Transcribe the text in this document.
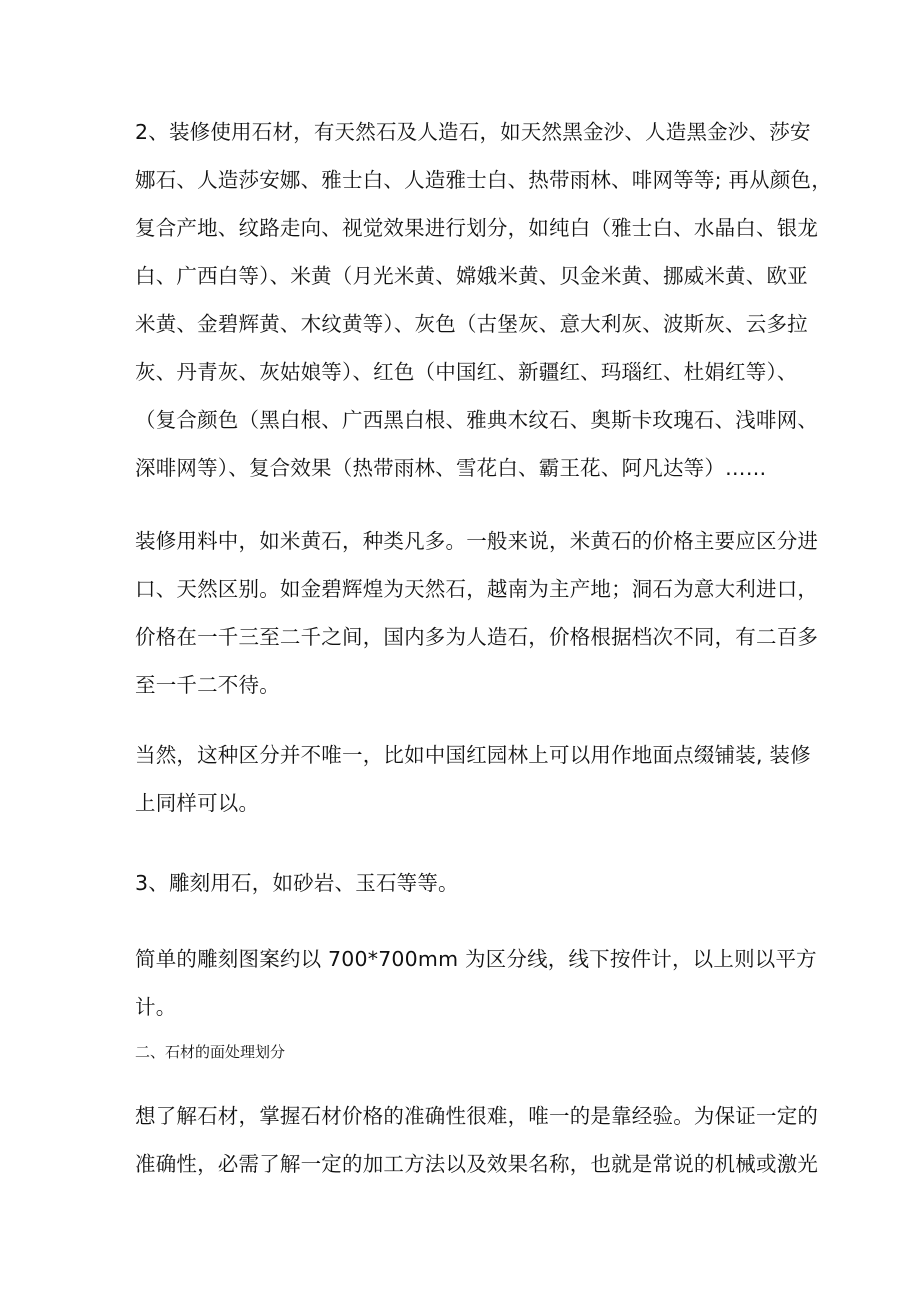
2、装修使用石材，有天然石及人造石，如天然黑金沙、人造黑金沙、莎安
娜石、人造莎安娜、雅士白、人造雅士白、热带雨林、啡网等等; 再从颜色，
复合产地、纹路走向、视觉效果进行划分，如纯白（雅士白、水晶白、银龙
白、广西白等）、米黄（月光米黄、嫦娥米黄、贝金米黄、挪威米黄、欧亚
米黄、金碧辉黄、木纹黄等）、灰色（古堡灰、意大利灰、波斯灰、云多拉
灰、丹青灰、灰姑娘等）、红色（中国红、新疆红、玛瑙红、杜娟红等）、
（复合颜色（黑白根、广西黑白根、雅典木纹石、奥斯卡玫瑰石、浅啡网、
深啡网等）、复合效果（热带雨林、雪花白、霸王花、阿凡达等）……
装修用料中，如米黄石，种类凡多。一般来说，米黄石的价格主要应区分进
口、天然区别。如金碧辉煌为天然石，越南为主产地；洞石为意大利进口，
价格在一千三至二千之间，国内多为人造石，价格根据档次不同，有二百多
至一千二不待。
当然，这种区分并不唯一，比如中国红园林上可以用作地面点缀铺装, 装修
上同样可以。
3、雕刻用石，如砂岩、玉石等等。
简单的雕刻图案约以 700*700mm 为区分线，线下按件计，以上则以平方
计。

二、石材的面处理划分

想了解石材，掌握石材价格的准确性很难，唯一的是靠经验。为保证一定的
准确性，必需了解一定的加工方法以及效果名称，也就是常说的机械或激光
